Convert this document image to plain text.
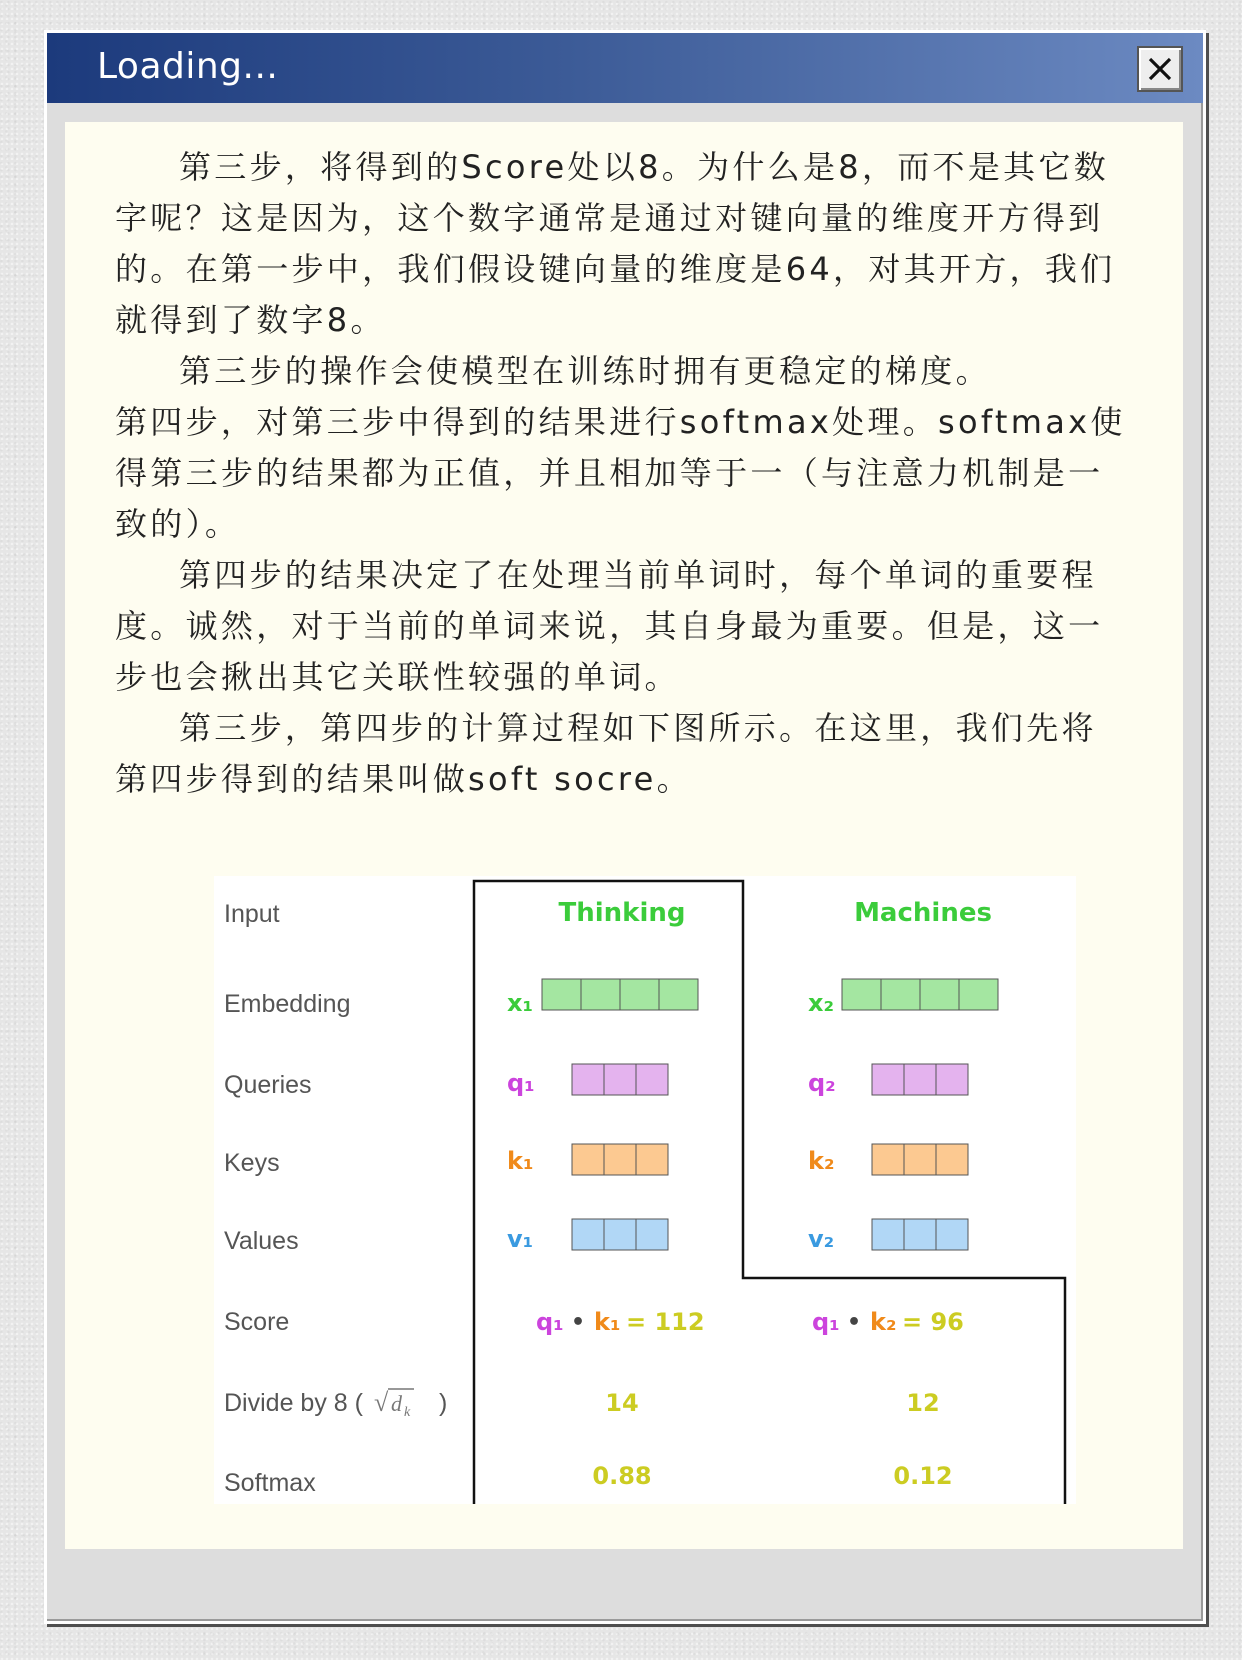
Loading...

第三步，将得到的Score处以8。为什么是8，而不是其它数字呢？这是因为，这个数字通常是通过对键向量的维度开方得到的。在第一步中，我们假设键向量的维度是64，对其开方，我们就得到了数字8。

第三步的操作会使模型在训练时拥有更稳定的梯度。

第四步，对第三步中得到的结果进行softmax处理。softmax使得第三步的结果都为正值，并且相加等于一（与注意力机制是一致的）。

第四步的结果决定了在处理当前单词时，每个单词的重要程度。诚然，对于当前的单词来说，其自身最为重要。但是，这一步也会揪出其它关联性较强的单词。

第三步，第四步的计算过程如下图所示。在这里，我们先将第四步得到的结果叫做soft socre。

Input
Embedding
Queries
Keys
Values
Score
Divide by 8 (	)
Softmax
√ d k
Thinking
x₁
q₁
k₁
v₁
q₁ • k₁ = 112
14
0.88
Machines
x₂
q₂
k₂
v₂
q₁ • k₂ = 96
12
0.12
